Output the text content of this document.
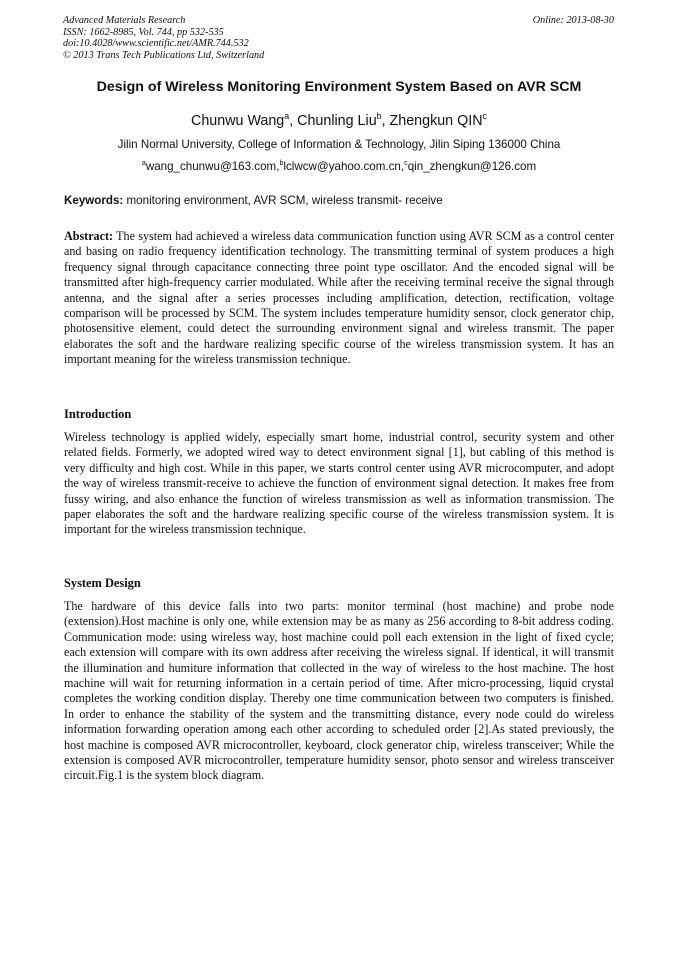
Advanced Materials Research
ISSN: 1662-8985, Vol. 744, pp 532-535
doi:10.4028/www.scientific.net/AMR.744.532
© 2013 Trans Tech Publications Ltd, Switzerland
Online: 2013-08-30
Design of Wireless Monitoring Environment System Based on AVR SCM
Chunwu Wang$^a$, Chunling Liu$^b$, Zhengkun QIN$^c$
Jilin Normal University, College of Information & Technology, Jilin Siping 136000 China
$^a$wang_chunwu@163.com,$^b$lclwcw@yahoo.com.cn,$^c$qin_zhengkun@126.com
Keywords: monitoring environment, AVR SCM, wireless transmit- receive
Abstract: The system had achieved a wireless data communication function using AVR SCM as a control center and basing on radio frequency identification technology. The transmitting terminal of system produces a high frequency signal through capacitance connecting three point type oscillator. And the encoded signal will be transmitted after high-frequency carrier modulated. While after the receiving terminal receive the signal through antenna, and the signal after a series processes including amplification, detection, rectification, voltage comparison will be processed by SCM. The system includes temperature humidity sensor, clock generator chip, photosensitive element, could detect the surrounding environment signal and wireless transmit. The paper elaborates the soft and the hardware realizing specific course of the wireless transmission system. It has an important meaning for the wireless transmission technique.
Introduction
Wireless technology is applied widely, especially smart home, industrial control, security system and other related fields. Formerly, we adopted wired way to detect environment signal [1], but cabling of this method is very difficulty and high cost. While in this paper, we starts control center using AVR microcomputer, and adopt the way of wireless transmit-receive to achieve the function of environment signal detection. It makes free from fussy wiring, and also enhance the function of wireless transmission as well as information transmission. The paper elaborates the soft and the hardware realizing specific course of the wireless transmission system. It is important for the wireless transmission technique.
System Design
The hardware of this device falls into two parts: monitor terminal (host machine) and probe node (extension).Host machine is only one, while extension may be as many as 256 according to 8-bit address coding. Communication mode: using wireless way, host machine could poll each extension in the light of fixed cycle; each extension will compare with its own address after receiving the wireless signal. If identical, it will transmit the illumination and humiture information that collected in the way of wireless to the host machine. The host machine will wait for returning information in a certain period of time. After micro-processing, liquid crystal completes the working condition display. Thereby one time communication between two computers is finished. In order to enhance the stability of the system and the transmitting distance, every node could do wireless information forwarding operation among each other according to scheduled order [2].As stated previously, the host machine is composed AVR microcontroller, keyboard, clock generator chip, wireless transceiver; While the extension is composed AVR microcontroller, temperature humidity sensor, photo sensor and wireless transceiver circuit.Fig.1 is the system block diagram.
